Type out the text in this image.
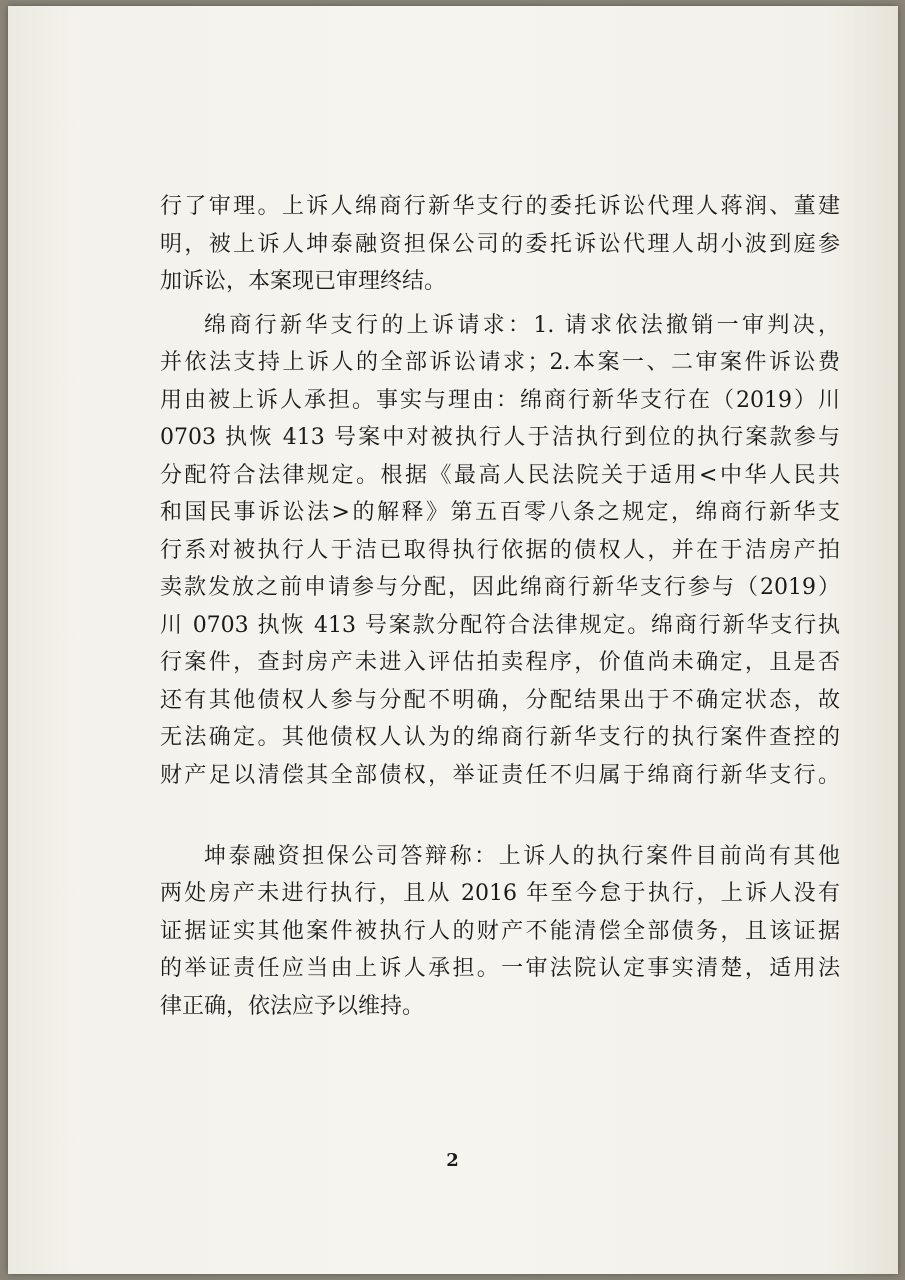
行了审理。上诉人绵商行新华支行的委托诉讼代理人蒋润、董建
明，被上诉人坤泰融资担保公司的委托诉讼代理人胡小波到庭参
加诉讼，本案现已审理终结。
绵商行新华支行的上诉请求：1. 请求依法撤销一审判决，
并依法支持上诉人的全部诉讼请求；2.本案一、二审案件诉讼费
用由被上诉人承担。事实与理由：绵商行新华支行在（2019）川
0703 执恢 413 号案中对被执行人于洁执行到位的执行案款参与
分配符合法律规定。根据《最高人民法院关于适用<中华人民共
和国民事诉讼法>的解释》第五百零八条之规定，绵商行新华支
行系对被执行人于洁已取得执行依据的债权人，并在于洁房产拍
卖款发放之前申请参与分配，因此绵商行新华支行参与（2019）
川 0703 执恢 413 号案款分配符合法律规定。绵商行新华支行执
行案件，查封房产未进入评估拍卖程序，价值尚未确定，且是否
还有其他债权人参与分配不明确，分配结果出于不确定状态，故
无法确定。其他债权人认为的绵商行新华支行的执行案件查控的
财产足以清偿其全部债权，举证责任不归属于绵商行新华支行。
坤泰融资担保公司答辩称：上诉人的执行案件目前尚有其他
两处房产未进行执行，且从 2016 年至今怠于执行，上诉人没有
证据证实其他案件被执行人的财产不能清偿全部债务，且该证据
的举证责任应当由上诉人承担。一审法院认定事实清楚，适用法
律正确，依法应予以维持。
2
